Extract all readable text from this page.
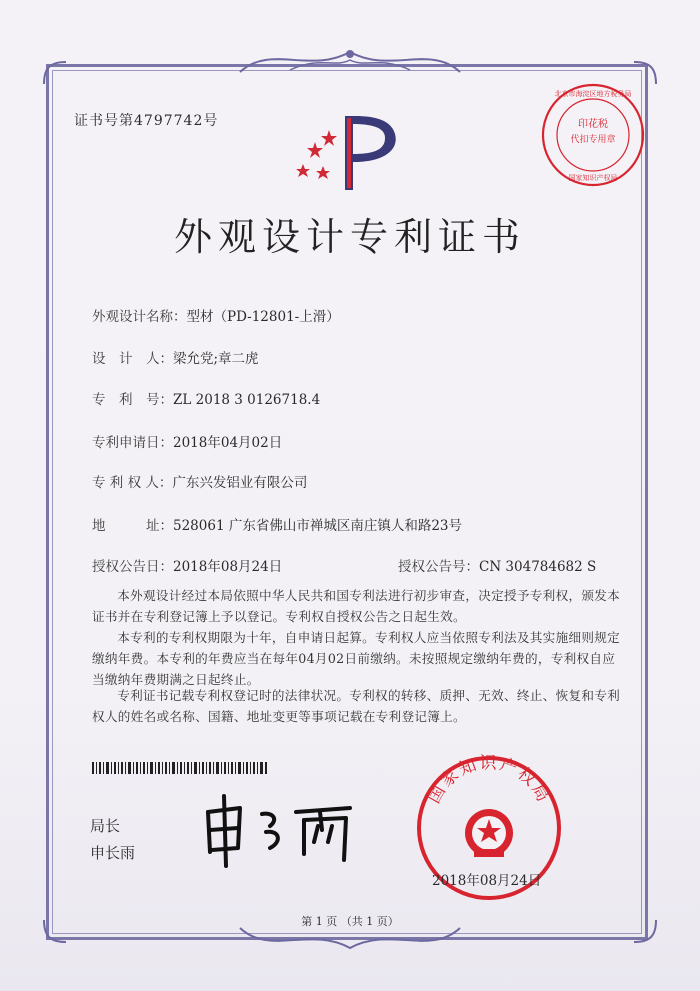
证书号第4797742号	印花税
代扣专用章
北京市海淀区地方税务局
国家知识产权局
外观设计专利证书
外观设计名称：型材（PD-12801-上滑）
设　计　人：梁允党;章二虎
专　利　号：ZL 2018 3 0126718.4
专利申请日：2018年04月02日
专 利 权 人：广东兴发铝业有限公司
地　　　址：528061 广东省佛山市禅城区南庄镇人和路23号
授权公告日：2018年08月24日	授权公告号：CN 304784682 S
本外观设计经过本局依照中华人民共和国专利法进行初步审查，决定授予专利权，颁发本证书并在专利登记簿上予以登记。专利权自授权公告之日起生效。
本专利的专利权期限为十年，自申请日起算。专利权人应当依照专利法及其实施细则规定缴纳年费。本专利的年费应当在每年04月02日前缴纳。未按照规定缴纳年费的，专利权自应当缴纳年费期满之日起终止。
专利证书记载专利权登记时的法律状况。专利权的转移、质押、无效、终止、恢复和专利权人的姓名或名称、国籍、地址变更等事项记载在专利登记簿上。
局长
申长雨
国家知识产权局
2018年08月24日
第 1 页 （共 1 页）
